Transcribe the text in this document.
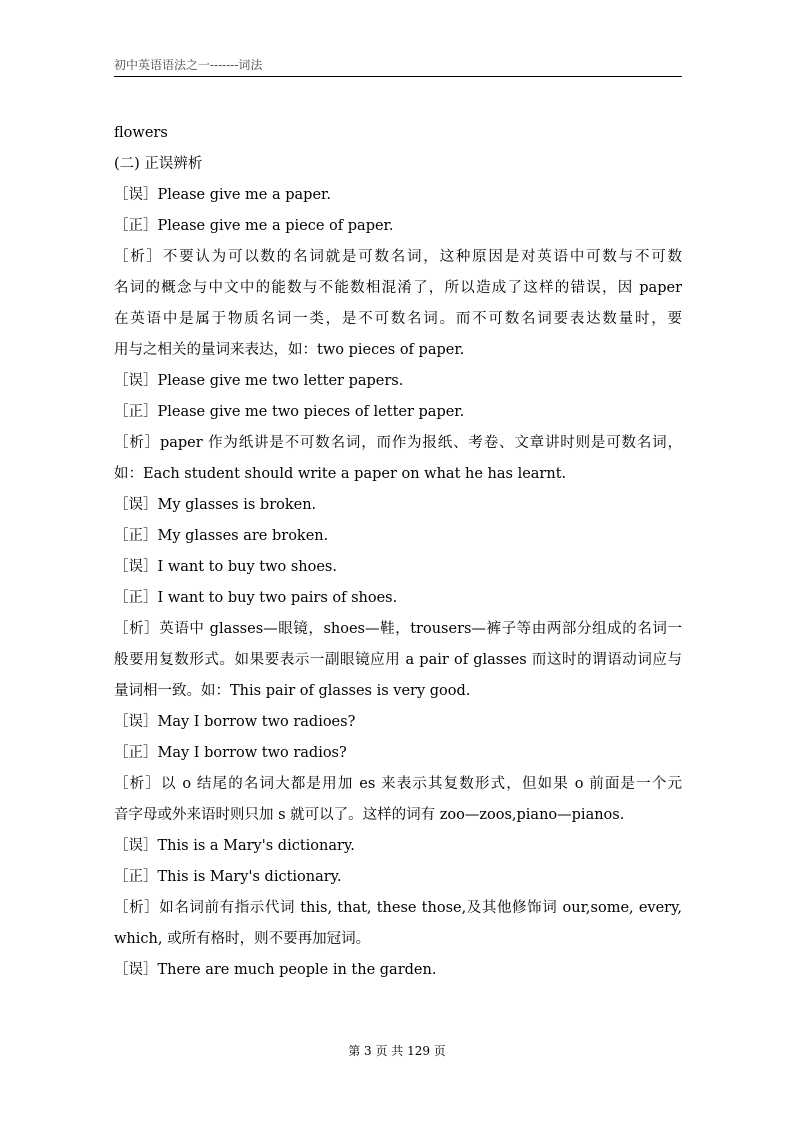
初中英语语法之一-------词法
flowers
(二) 正误辨析
［误］Please give me a paper.
［正］Please give me a piece of paper.
［析］不要认为可以数的名词就是可数名词，这种原因是对英语中可数与不可数
名词的概念与中文中的能数与不能数相混淆了，所以造成了这样的错误，因 paper
在英语中是属于物质名词一类，是不可数名词。而不可数名词要表达数量时，要
用与之相关的量词来表达，如：two pieces of paper.
［误］Please give me two letter papers.
［正］Please give me two pieces of letter paper.
［析］paper 作为纸讲是不可数名词，而作为报纸、考卷、文章讲时则是可数名词，
如：Each student should write a paper on what he has learnt.
［误］My glasses is broken.
［正］My glasses are broken.
［误］I want to buy two shoes.
［正］I want to buy two pairs of shoes.
［析］英语中 glasses—眼镜，shoes—鞋，trousers—裤子等由两部分组成的名词一
般要用复数形式。如果要表示一副眼镜应用 a pair of glasses 而这时的谓语动词应与
量词相一致。如：This pair of glasses is very good.
［误］May I borrow two radioes?
［正］May I borrow two radios?
［析］以 o 结尾的名词大都是用加 es 来表示其复数形式，但如果 o 前面是一个元
音字母或外来语时则只加 s 就可以了。这样的词有 zoo—zoos,piano—pianos.
［误］This is a Mary's dictionary.
［正］This is Mary's dictionary.
［析］如名词前有指示代词 this, that, these those,及其他修饰词 our,some, every,
which, 或所有格时，则不要再加冠词。
［误］There are much people in the garden.
第 3 页 共 129 页
